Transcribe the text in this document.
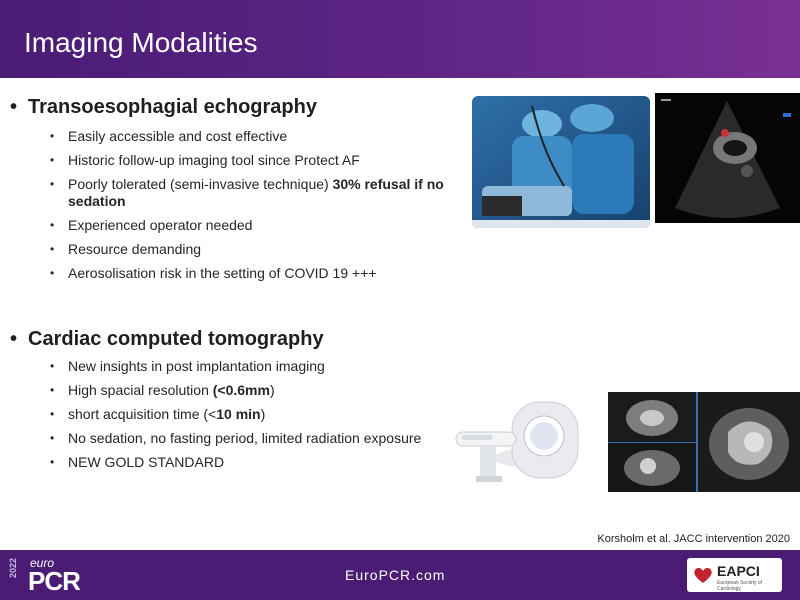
Imaging Modalities
• Transoesophagial echography
• Easily accessible and cost effective
• Historic follow-up imaging tool since Protect AF
• Poorly tolerated (semi-invasive technique) 30% refusal if no sedation
• Experienced operator needed
• Resource demanding
• Aerosolisation risk in the setting of COVID 19 +++
• Cardiac computed tomography
• New insights in post implantation imaging
• High spacial resolution (<0.6mm)
• short acquisition time (<10 min)
• No sedation, no fasting period, limited radiation exposure
• NEW GOLD STANDARD
Korsholm et al. JACC intervention 2020
2022 euro
PCR	EuroPCR.com	EAPCI
European Society of Cardiology
